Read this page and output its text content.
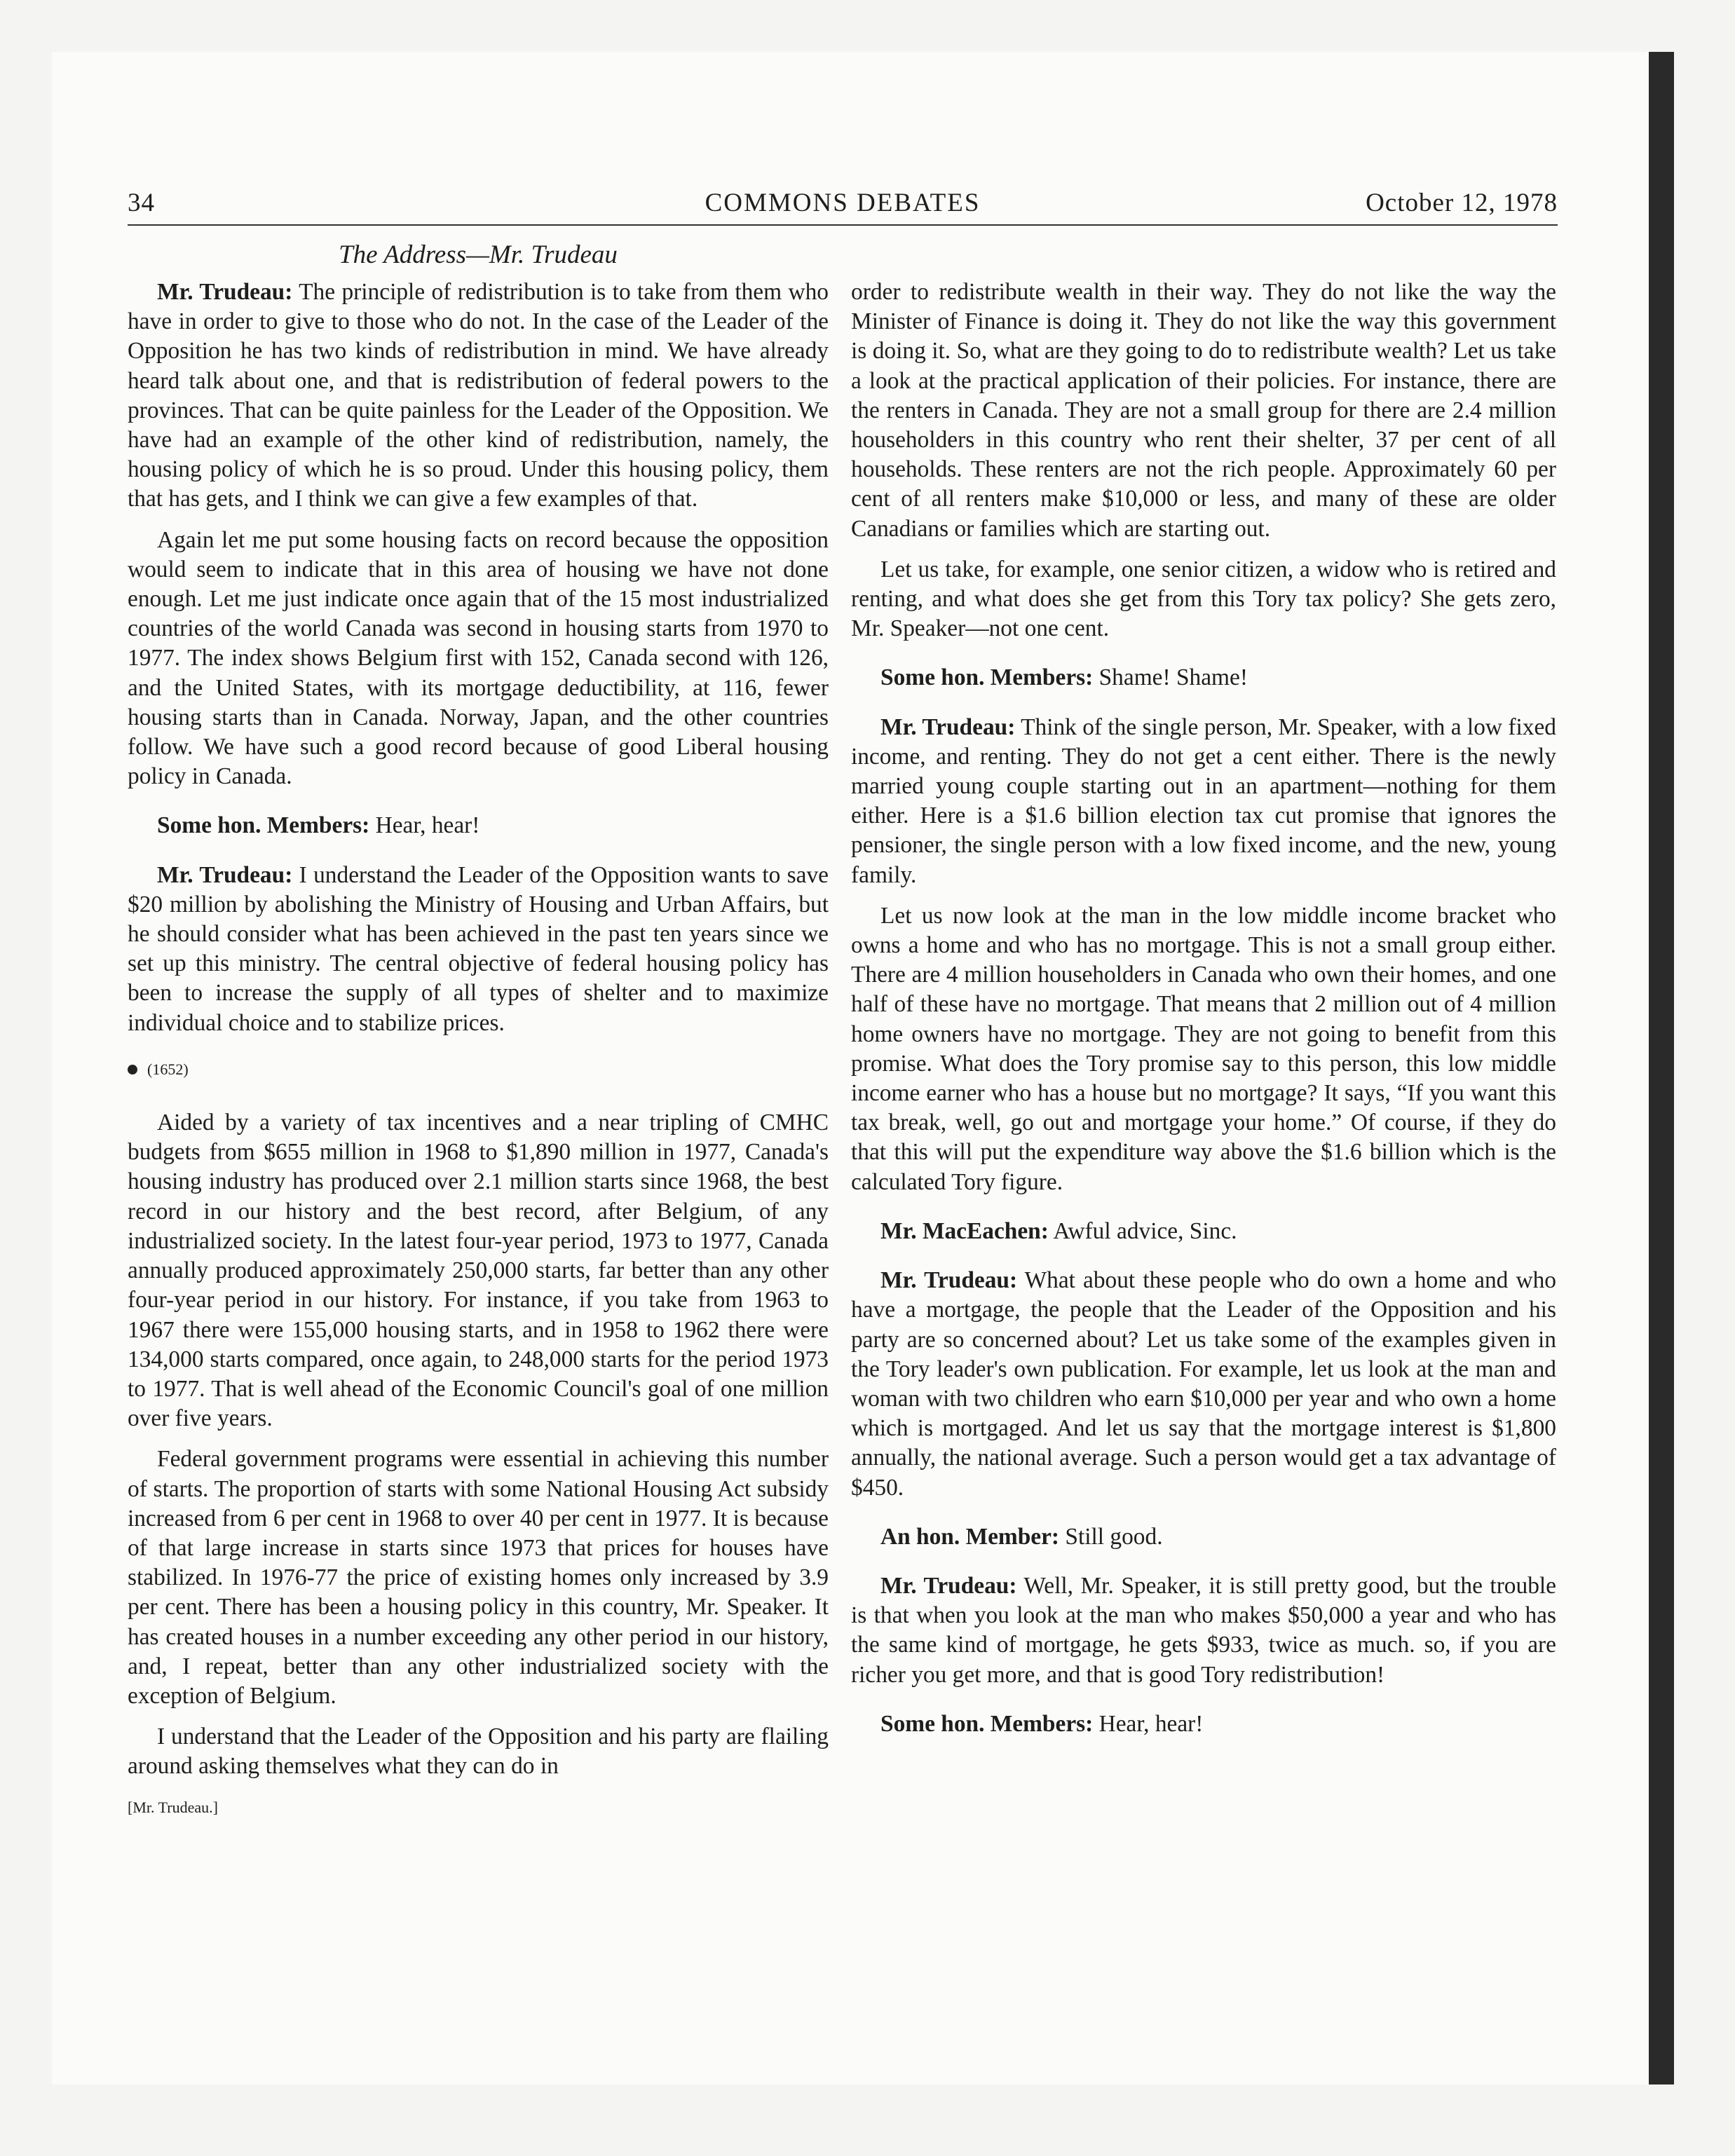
34	COMMONS DEBATES	October 12, 1978
The Address—Mr. Trudeau

Mr. Trudeau: The principle of redistribution is to take from them who have in order to give to those who do not. In the case of the Leader of the Opposition he has two kinds of redistribution in mind. We have already heard talk about one, and that is redistribution of federal powers to the provinces. That can be quite painless for the Leader of the Opposition. We have had an example of the other kind of redistribution, namely, the housing policy of which he is so proud. Under this housing policy, them that has gets, and I think we can give a few examples of that.

Again let me put some housing facts on record because the opposition would seem to indicate that in this area of housing we have not done enough. Let me just indicate once again that of the 15 most industrialized countries of the world Canada was second in housing starts from 1970 to 1977. The index shows Belgium first with 152, Canada second with 126, and the United States, with its mortgage deductibility, at 116, fewer housing starts than in Canada. Norway, Japan, and the other countries follow. We have such a good record because of good Liberal housing policy in Canada.

Some hon. Members: Hear, hear!

Mr. Trudeau: I understand the Leader of the Opposition wants to save $20 million by abolishing the Ministry of Housing and Urban Affairs, but he should consider what has been achieved in the past ten years since we set up this ministry. The central objective of federal housing policy has been to increase the supply of all types of shelter and to maximize individual choice and to stabilize prices.

(1652)

Aided by a variety of tax incentives and a near tripling of CMHC budgets from $655 million in 1968 to $1,890 million in 1977, Canada's housing industry has produced over 2.1 million starts since 1968, the best record in our history and the best record, after Belgium, of any industrialized society. In the latest four-year period, 1973 to 1977, Canada annually produced approximately 250,000 starts, far better than any other four-year period in our history. For instance, if you take from 1963 to 1967 there were 155,000 housing starts, and in 1958 to 1962 there were 134,000 starts compared, once again, to 248,000 starts for the period 1973 to 1977. That is well ahead of the Economic Council's goal of one million over five years.

Federal government programs were essential in achieving this number of starts. The proportion of starts with some National Housing Act subsidy increased from 6 per cent in 1968 to over 40 per cent in 1977. It is because of that large increase in starts since 1973 that prices for houses have stabilized. In 1976-77 the price of existing homes only increased by 3.9 per cent. There has been a housing policy in this country, Mr. Speaker. It has created houses in a number exceeding any other period in our history, and, I repeat, better than any other industrialized society with the exception of Belgium.

I understand that the Leader of the Opposition and his party are flailing around asking themselves what they can do in

[Mr. Trudeau.]

order to redistribute wealth in their way. They do not like the way the Minister of Finance is doing it. They do not like the way this government is doing it. So, what are they going to do to redistribute wealth? Let us take a look at the practical application of their policies. For instance, there are the renters in Canada. They are not a small group for there are 2.4 million householders in this country who rent their shelter, 37 per cent of all households. These renters are not the rich people. Approximately 60 per cent of all renters make $10,000 or less, and many of these are older Canadians or families which are starting out.

Let us take, for example, one senior citizen, a widow who is retired and renting, and what does she get from this Tory tax policy? She gets zero, Mr. Speaker—not one cent.

Some hon. Members: Shame! Shame!

Mr. Trudeau: Think of the single person, Mr. Speaker, with a low fixed income, and renting. They do not get a cent either. There is the newly married young couple starting out in an apartment—nothing for them either. Here is a $1.6 billion election tax cut promise that ignores the pensioner, the single person with a low fixed income, and the new, young family.

Let us now look at the man in the low middle income bracket who owns a home and who has no mortgage. This is not a small group either. There are 4 million householders in Canada who own their homes, and one half of these have no mortgage. That means that 2 million out of 4 million home owners have no mortgage. They are not going to benefit from this promise. What does the Tory promise say to this person, this low middle income earner who has a house but no mortgage? It says, “If you want this tax break, well, go out and mortgage your home.” Of course, if they do that this will put the expenditure way above the $1.6 billion which is the calculated Tory figure.

Mr. MacEachen: Awful advice, Sinc.

Mr. Trudeau: What about these people who do own a home and who have a mortgage, the people that the Leader of the Opposition and his party are so concerned about? Let us take some of the examples given in the Tory leader's own publication. For example, let us look at the man and woman with two children who earn $10,000 per year and who own a home which is mortgaged. And let us say that the mortgage interest is $1,800 annually, the national average. Such a person would get a tax advantage of $450.

An hon. Member: Still good.

Mr. Trudeau: Well, Mr. Speaker, it is still pretty good, but the trouble is that when you look at the man who makes $50,000 a year and who has the same kind of mortgage, he gets $933, twice as much. so, if you are richer you get more, and that is good Tory redistribution!

Some hon. Members: Hear, hear!
